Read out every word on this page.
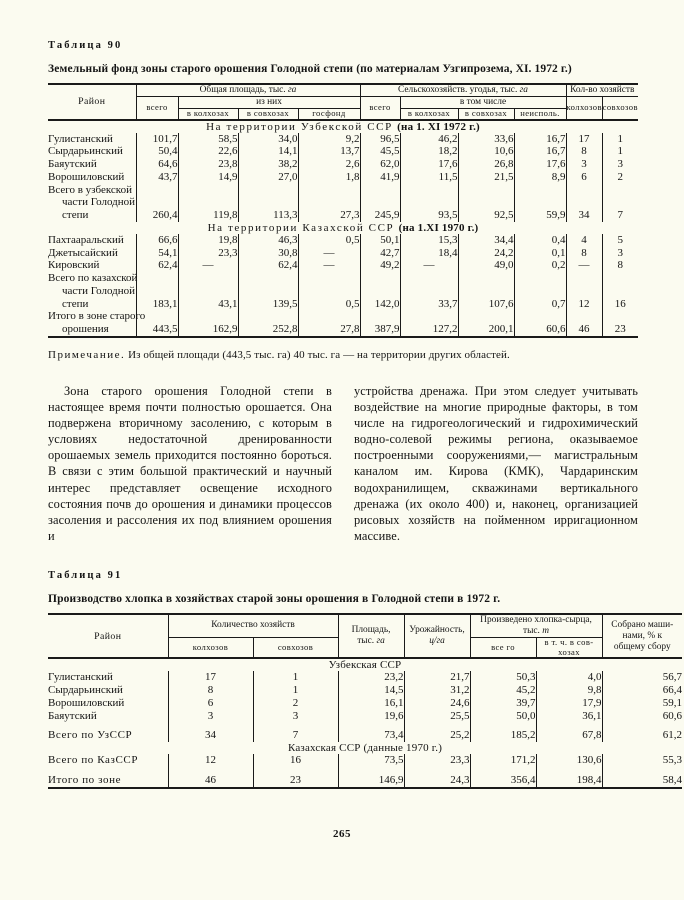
Таблица 90
Земельный фонд зоны старого орошения Голодной степи (по материалам Узгипрозема, XI. 1972 г.)
Район	Общая площадь, тыс. га				Сельскохозяйств. угодья, тыс. га				Кол-во хозяйств	
	всего	из них			всего	в том числе			колхозов	совхозов
		в колхозах	в совхозах	госфонд		в колхозах	в совхозах	неисполь.		
На территории Узбекской ССР (на 1. XI 1972 г.)										
Гулистанский	101,7	58,5	34,0	9,2	96,5	46,2	33,6	16,7	17	1
Сырдарьинский	50,4	22,6	14,1	13,7	45,5	18,2	10,6	16,7	8	1
Баяутский	64,6	23,8	38,2	2,6	62,0	17,6	26,8	17,6	3	3
Ворошиловский	43,7	14,9	27,0	1,8	41,9	11,5	21,5	8,9	6	2
Всего в узбекской										
части Голодной										
степи	260,4	119,8	113,3	27,3	245,9	93,5	92,5	59,9	34	7
На территории Казахской ССР (на 1.XI 1970 г.)										
Пахтааральский	66,6	19,8	46,3	0,5	50,1	15,3	34,4	0,4	4	5
Джетысайский	54,1	23,3	30,8	—	42,7	18,4	24,2	0,1	8	3
Кировский	62,4	—	62,4	—	49,2	—	49,0	0,2	—	8
Всего по казахской										
части Голодной										
степи	183,1	43,1	139,5	0,5	142,0	33,7	107,6	0,7	12	16
Итого в зоне старого										
орошения	443,5	162,9	252,8	27,8	387,9	127,2	200,1	60,6	46	23
Примечание. Из общей площади (443,5 тыс. га) 40 тыс. га — на территории других областей.

Зона старого орошения Голодной степи в настоящее время почти полностью орошается. Она подвержена вторичному засолению, с которым в условиях недостаточной дренированности орошаемых земель приходится постоянно бороться. В связи с этим большой практический и научный интерес представляет освещение исходного состояния почв до орошения и динамики процессов засоления и рассоления их под влиянием орошения и

устройства дренажа. При этом следует учитывать воздействие на многие природные факторы, в том числе на гидрогеологический и гидрохимический водно-солевой режимы региона, оказываемое построенными сооружениями,— магистральным каналом им. Кирова (КМК), Чардаринским водохранилищем, скважинами вертикального дренажа (их около 400) и, наконец, организацией рисовых хозяйств на пойменном ирригационном массиве.

Таблица 91
Производство хлопка в хозяйствах старой зоны орошения в Голодной степи в 1972 г.
Район	Количество хозяйств		Площадь,
тыс. га	Урожайность,
ц/га	Произведено хлопка-сырца,
тыс. т		Собрано маши-
нами, % к
общему сбору
	колхозов	совхозов			все го	в т. ч. в сов-
хозах	

Узбекская ССР							
Гулистанский	17	1	23,2	21,7	50,3	4,0	56,7
Сырдарьинский	8	1	14,5	31,2	45,2	9,8	66,4
Ворошиловский	6	2	16,1	24,6	39,7	17,9	59,1
Баяутский	3	3	19,6	25,5	50,0	36,1	60,6
Всего по УзССР	34	7	73,4	25,2	185,2	67,8	61,2
Казахская ССР (данные 1970 г.)							
Всего по КазССР	12	16	73,5	23,3	171,2	130,6	55,3
Итого по зоне	46	23	146,9	24,3	356,4	198,4	58,4
265
